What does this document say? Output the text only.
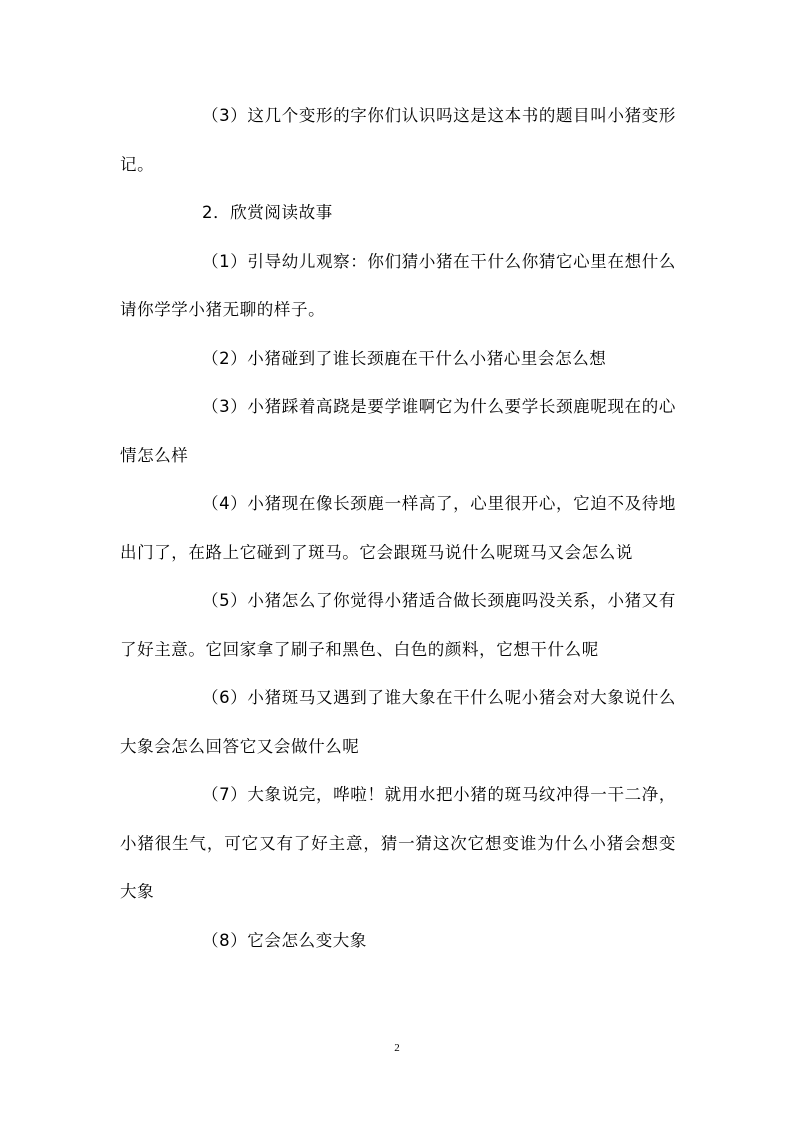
（3）这几个变形的字你们认识吗这是这本书的题目叫小猪变形记。

2．欣赏阅读故事

（1）引导幼儿观察：你们猜小猪在干什么你猜它心里在想什么请你学学小猪无聊的样子。

（2）小猪碰到了谁长颈鹿在干什么小猪心里会怎么想

（3）小猪踩着高跷是要学谁啊它为什么要学长颈鹿呢现在的心情怎么样

（4）小猪现在像长颈鹿一样高了，心里很开心，它迫不及待地出门了，在路上它碰到了斑马。它会跟斑马说什么呢斑马又会怎么说

（5）小猪怎么了你觉得小猪适合做长颈鹿吗没关系，小猪又有了好主意。它回家拿了刷子和黑色、白色的颜料，它想干什么呢

（6）小猪斑马又遇到了谁大象在干什么呢小猪会对大象说什么大象会怎么回答它又会做什么呢

（7）大象说完，哗啦！就用水把小猪的斑马纹冲得一干二净，小猪很生气，可它又有了好主意，猜一猜这次它想变谁为什么小猪会想变大象

（8）它会怎么变大象

2
